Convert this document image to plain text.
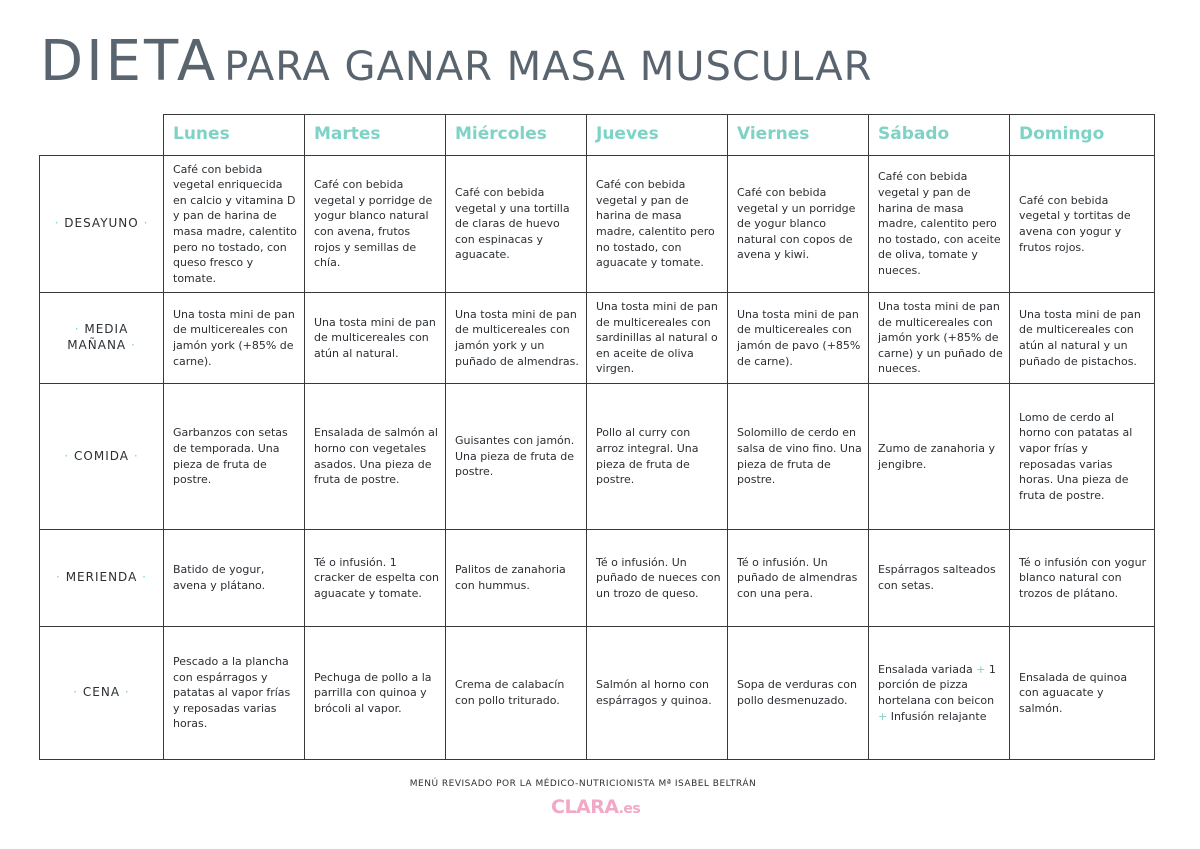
DIETA PARA GANAR MASA MUSCULAR
	Lunes	Martes	Miércoles	Jueves	Viernes	Sábado	Domingo
· DESAYUNO ·	Café con bebida vegetal enriquecida en calcio y vitamina D y pan de harina de masa madre, calentito pero no tostado, con queso fresco y tomate.	Café con bebida vegetal y porridge de yogur blanco natural con avena, frutos rojos y semillas de chía.	Café con bebida vegetal y una tortilla de claras de huevo con espinacas y aguacate.	Café con bebida vegetal y pan de harina de masa madre, calentito pero no tostado, con aguacate y tomate.	Café con bebida vegetal y un porridge de yogur blanco natural con copos de avena y kiwi.	Café con bebida vegetal y pan de harina de masa madre, calentito pero no tostado, con aceite de oliva, tomate y nueces.	Café con bebida vegetal y tortitas de avena con yogur y frutos rojos.
· MEDIA MAÑANA ·	Una tosta mini de pan de multicereales con jamón york (+85% de carne).	Una tosta mini de pan de multicereales con atún al natural.	Una tosta mini de pan de multicereales con jamón york y un puñado de almendras.	Una tosta mini de pan de multicereales con sardinillas al natural o en aceite de oliva virgen.	Una tosta mini de pan de multicereales con jamón de pavo (+85% de carne).	Una tosta mini de pan de multicereales con jamón york (+85% de carne) y un puñado de nueces.	Una tosta mini de pan de multicereales con atún al natural y un puñado de pistachos.
· COMIDA ·	Garbanzos con setas de temporada. Una pieza de fruta de postre.	Ensalada de salmón al horno con vegetales asados. Una pieza de fruta de postre.	Guisantes con jamón. Una pieza de fruta de postre.	Pollo al curry con arroz integral. Una pieza de fruta de postre.	Solomillo de cerdo en salsa de vino fino. Una pieza de fruta de postre.	Zumo de zanahoria y jengibre.	Lomo de cerdo al horno con patatas al vapor frías y reposadas varias horas. Una pieza de fruta de postre.
· MERIENDA ·	Batido de yogur, avena y plátano.	Té o infusión. 1 cracker de espelta con aguacate y tomate.	Palitos de zanahoria con hummus.	Té o infusión. Un puñado de nueces con un trozo de queso.	Té o infusión. Un puñado de almendras con una pera.	Espárragos salteados con setas.	Té o infusión con yogur blanco natural con trozos de plátano.
· CENA ·	Pescado a la plancha con espárragos y patatas al vapor frías y reposadas varias horas.	Pechuga de pollo a la parrilla con quinoa y brócoli al vapor.	Crema de calabacín con pollo triturado.	Salmón al horno con espárragos y quinoa.	Sopa de verduras con pollo desmenuzado.	Ensalada variada + 1 porción de pizza hortelana con beicon + Infusión relajante	Ensalada de quinoa con aguacate y salmón.
MENÚ REVISADO POR LA MÉDICO-NUTRICIONISTA Mª ISABEL BELTRÁN
CLARA.es
